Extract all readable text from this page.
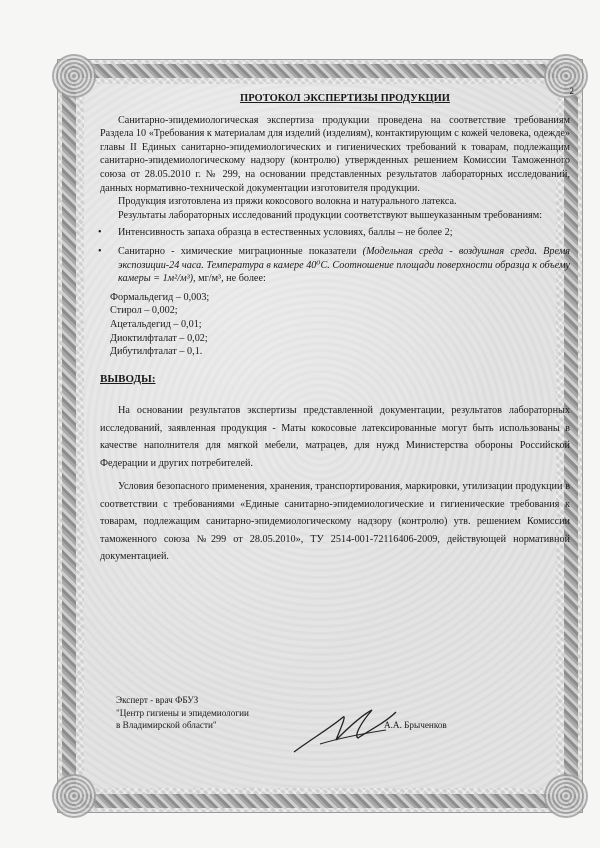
2
ПРОТОКОЛ ЭКСПЕРТИЗЫ ПРОДУКЦИИ

Санитарно-эпидемиологическая экспертиза продукции проведена на соответствие требованиям Раздела 10 «Требования к материалам для изделий (изделиям), контактирующим с кожей человека, одежде» главы II Единых санитарно-эпидемиологических и гигиенических требований к товарам, подлежащим санитарно-эпидемиологическому надзору (контролю) утвержденных решением Комиссии Таможенного союза от 28.05.2010 г. № 299, на основании представленных результатов лабораторных исследований, данных нормативно-технической документации изготовителя продукции.

Продукция изготовлена из пряжи кокосового волокна и натурального латекса.

Результаты лабораторных исследований продукции соответствуют вышеуказанным требованиям:

• Интенсивность запаха образца в естественных условиях, баллы – не более 2;
• Санитарно - химические миграционные показатели (Модельная среда - воздушная среда. Время экспозиции-24 часа. Температура в камере 40⁰С. Соотношение площади поверхности образца к объему камеры = 1м²/м³), мг/м³, не более:
Формальдегид – 0,003;
Стирол – 0,002;
Ацетальдегид – 0,01;
Диоктилфталат – 0,02;
Дибутилфталат – 0,1.
ВЫВОДЫ:

На основании результатов экспертизы представленной документации, результатов лабораторных исследований, заявленная продукция - Маты кокосовые латексированные могут быть использованы в качестве наполнителя для мягкой мебели, матрацев, для нужд Министерства обороны Российской Федерации и других потребителей.

Условия безопасного применения, хранения, транспортирования, маркировки, утилизации продукции в соответствии с требованиями «Единые санитарно-эпидемиологические и гигиенические требования к товарам, подлежащим санитарно-эпидемиологическому надзору (контролю) утв. решением Комиссии таможенного союза №299 от 28.05.2010», ТУ 2514-001-72116406-2009, действующей нормативной документацией.

Эксперт - врач ФБУЗ
"Центр гигиены и эпидемиологии
в Владимирской области"	А.А. Брыченков
